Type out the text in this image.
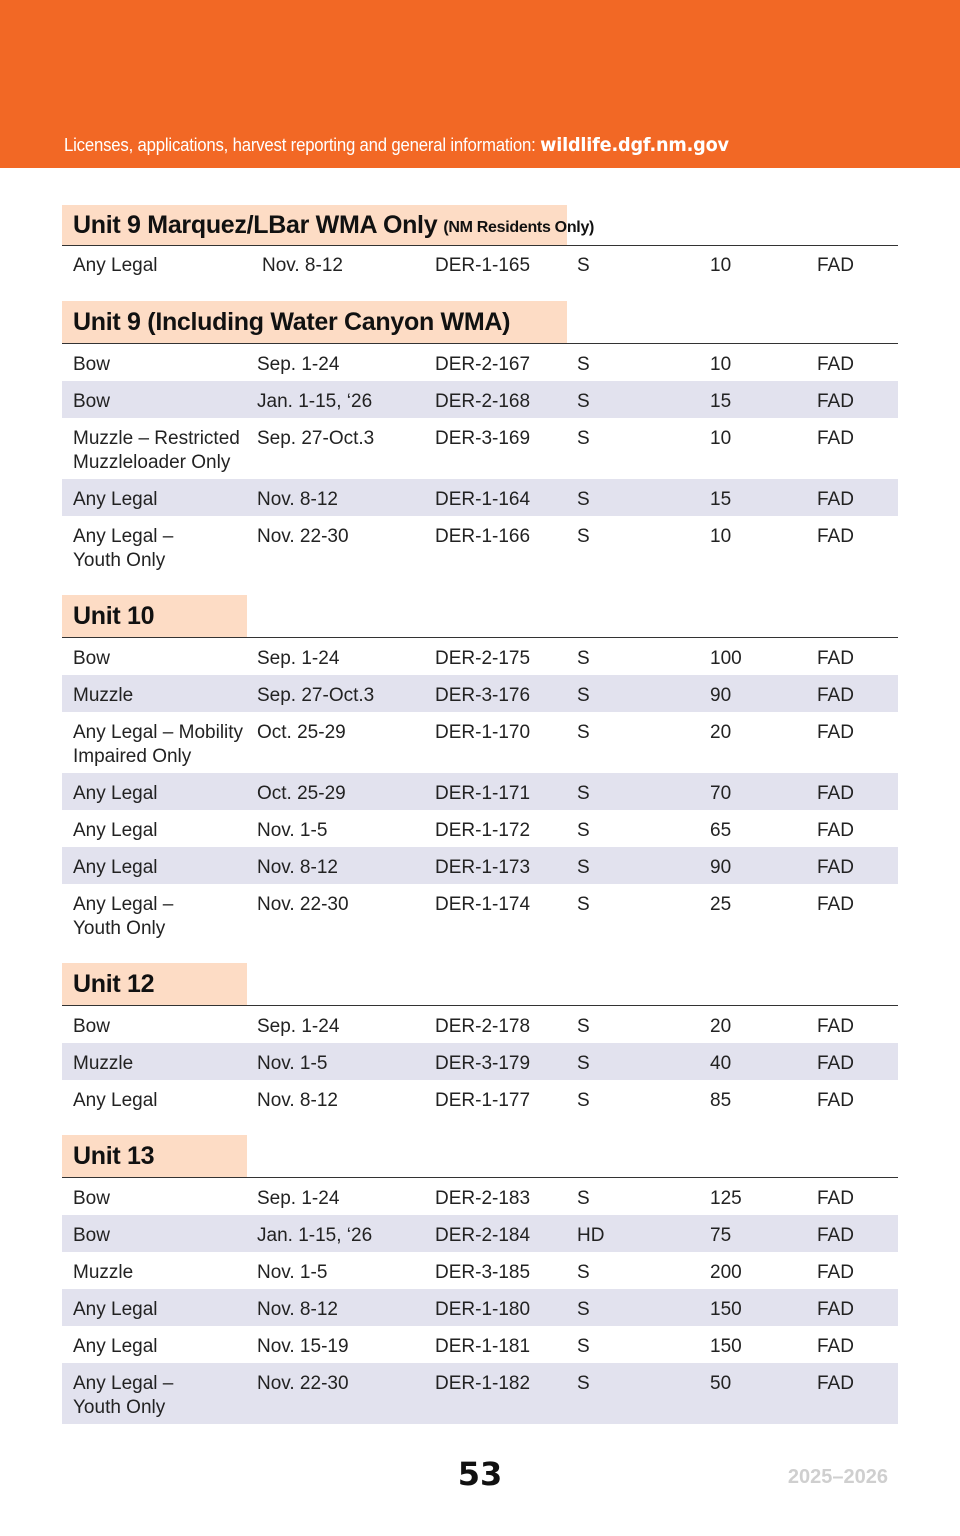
Licenses, applications, harvest reporting and general information: wildlife.dgf.nm.gov
Unit 9 Marquez/LBar WMA Only (NM Residents Only)
Any Legal	Nov. 8-12	DER-1-165 S	10	FAD
Unit 9 (Including Water Canyon WMA)
Bow	Sep. 1-24	DER-2-167 S	10	FAD
Bow	Jan. 1-15, ‘26	DER-2-168 S	15	FAD
Muzzle – Restricted
Muzzleloader Only
Sep. 27-Oct.3	DER-3-169 S	10	FAD
Any Legal	Nov. 8-12	DER-1-164 S	15	FAD
Any Legal –
Youth Only
Nov. 22-30	DER-1-166 S	10	FAD
Unit 10
Bow	Sep. 1-24	DER-2-175 S	100	FAD
Muzzle	Sep. 27-Oct.3	DER-3-176 S	90	FAD
Any Legal – Mobility
Impaired Only
Oct. 25-29	DER-1-170 S	20	FAD
Any Legal	Oct. 25-29	DER-1-171 S	70	FAD
Any Legal	Nov. 1-5	DER-1-172 S	65	FAD
Any Legal	Nov. 8-12	DER-1-173 S	90	FAD
Any Legal –
Youth Only
Nov. 22-30	DER-1-174 S	25	FAD
Unit 12
Bow	Sep. 1-24	DER-2-178 S	20	FAD
Muzzle	Nov. 1-5	DER-3-179 S	40	FAD
Any Legal	Nov. 8-12	DER-1-177 S	85	FAD
Unit 13
Bow	Sep. 1-24	DER-2-183 S	125	FAD
Bow	Jan. 1-15, ‘26	DER-2-184 HD	75	FAD
Muzzle	Nov. 1-5	DER-3-185 S	200	FAD
Any Legal	Nov. 8-12	DER-1-180 S	150	FAD
Any Legal	Nov. 15-19	DER-1-181 S	150	FAD
Any Legal –
Youth Only
Nov. 22-30	DER-1-182 S	50	FAD
53	2025–2026
